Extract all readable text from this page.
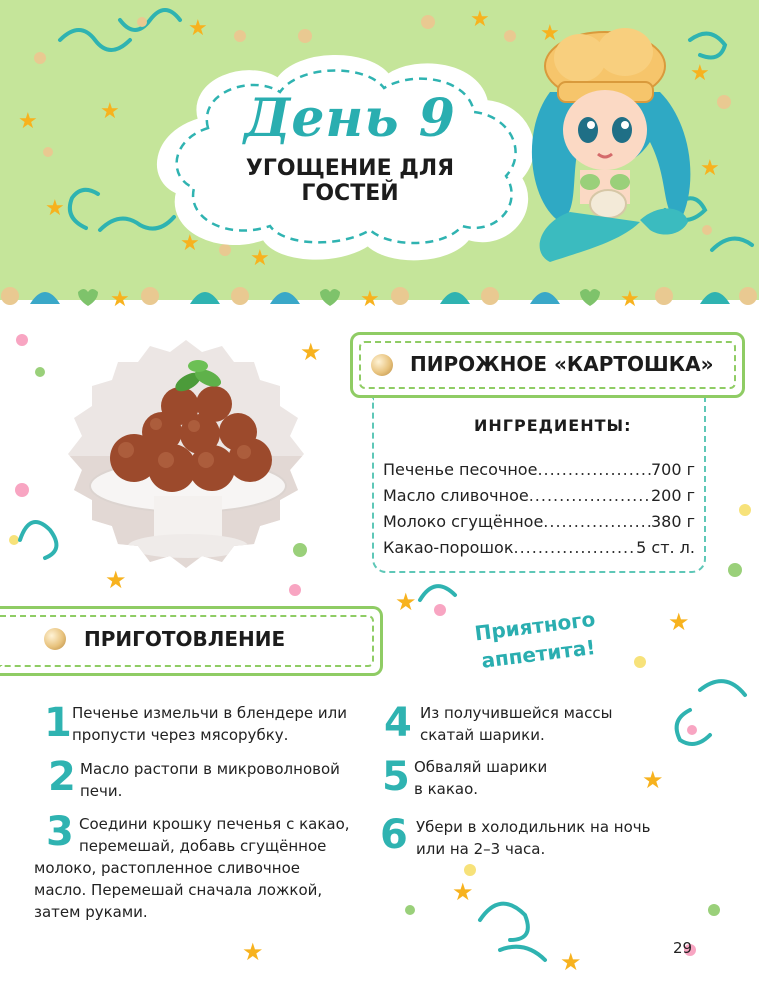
★
★
★	★
★
★
★
★
★
★	День 9
УГОЩЕНИЕ ДЛЯ ГОСТЕЙ
★	★	★
★
★
★
★
★
★	★
★
ПИРОЖНОЕ «КАРТОШКА»
ИНГРЕДИЕНТЫ:
Печенье песочное .....	700 г
Масло сливочное .....	200 г
Молоко сгущённое .....	380 г
Какао-порошок .....	5 ст. л.
ПРИГОТОВЛЕНИЕ	Приятного
аппетита!
1 Печенье измельчи в блендере или
пропусти через мясорубку.
2 Масло растопи в микроволновой
печи.
3 Соедини крошку печенья с какао,
перемешай, добавь сгущённое
молоко, растопленное сливочное
масло. Перемешай сначала ложкой,
затем руками.
4 Из получившейся массы
скатай шарики.
5 Обваляй шарики
в какао.
6 Убери в холодильник на ночь
или на 2–3 часа.
29
